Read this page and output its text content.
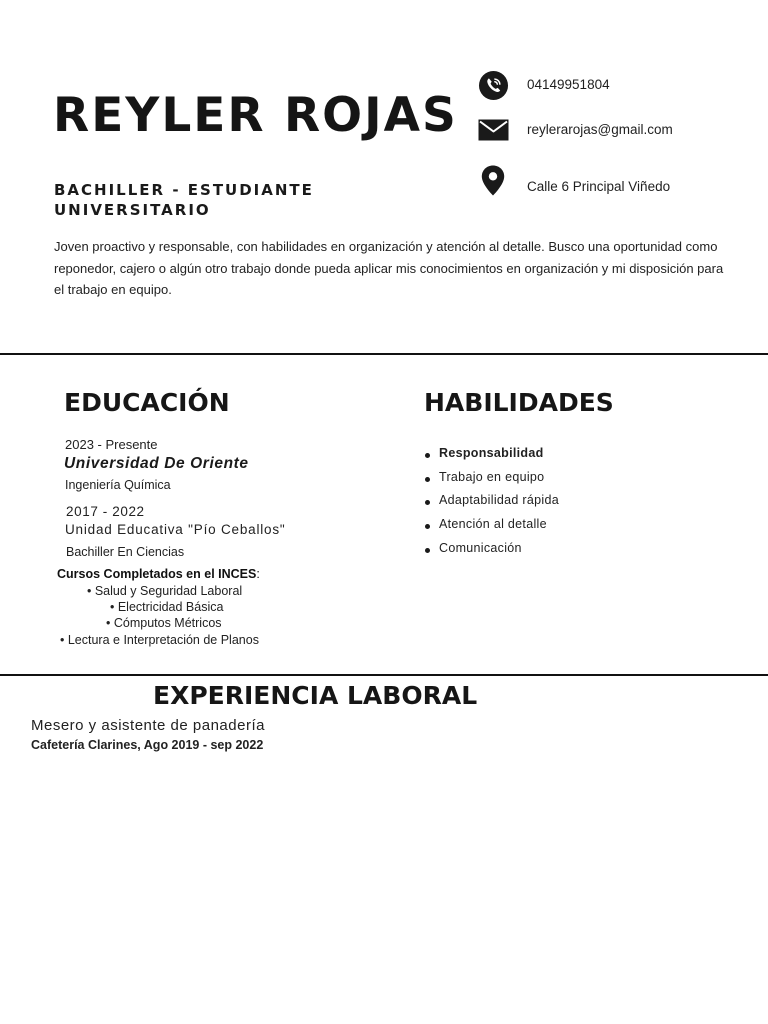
REYLER ROJAS
BACHILLER - ESTUDIANTE UNIVERSITARIO

Joven proactivo y responsable, con habilidades en organización y atención al detalle. Busco una oportunidad como reponedor, cajero o algún otro trabajo donde pueda aplicar mis conocimientos en organización y mi disposición para el trabajo en equipo.

04149951804
reylerarojas@gmail.com
Calle 6 Principal Viñedo
EDUCACIÓN
2023 - Presente
Universidad De Oriente
Ingeniería Química
2017 - 2022
Unidad Educativa "Pío Ceballos"
Bachiller En Ciencias
Cursos Completados en el INCES:
• Salud y Seguridad Laboral
• Electricidad Básica
• Cómputos Métricos
• Lectura e Interpretación de Planos
HABILIDADES
Responsabilidad
Trabajo en equipo
Adaptabilidad rápida
Atención al detalle
Comunicación
EXPERIENCIA LABORAL
Mesero y asistente de panadería
Cafetería Clarines, Ago 2019 - sep 2022
